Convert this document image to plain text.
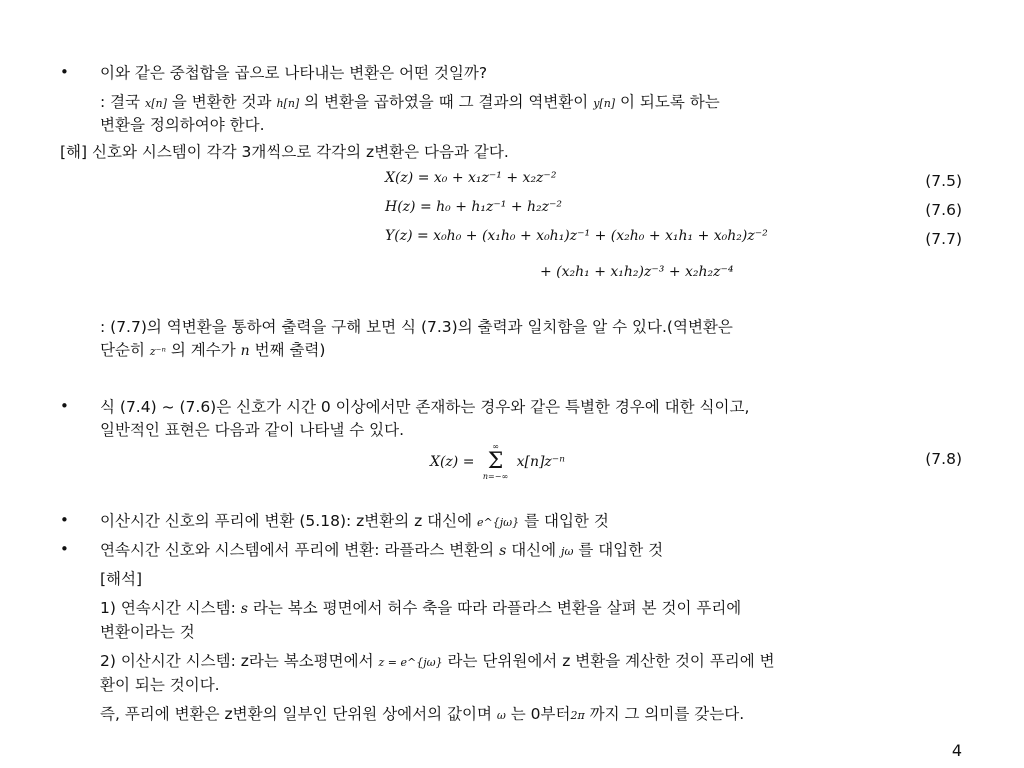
• 이와 같은 중첩합을 곱으로 나타내는 변환은 어떤 것일까?
: 결국 x[n] 을 변환한 것과 h[n] 의 변환을 곱하였을 때 그 결과의 역변환이 y[n] 이 되도록 하는
변환을 정의하여야 한다.
[해] 신호와 시스템이 각각 3개씩으로 각각의 z변환은 다음과 같다.
X(z) = x₀ + x₁z⁻¹ + x₂z⁻²	(7.5)
H(z) = h₀ + h₁z⁻¹ + h₂z⁻²	(7.6)
Y(z) = x₀h₀ + (x₁h₀ + x₀h₁)z⁻¹ + (x₂h₀ + x₁h₁ + x₀h₂)z⁻²	(7.7)
+ (x₂h₁ + x₁h₂)z⁻³ + x₂h₂z⁻⁴
: (7.7)의 역변환을 통하여 출력을 구해 보면 식 (7.3)의 출력과 일치함을 알 수 있다.(역변환은
단순히 z⁻ⁿ 의 계수가 n 번째 출력)
• 식 (7.4) ~ (7.6)은 신호가 시간 0 이상에서만 존재하는 경우와 같은 특별한 경우에 대한 식이고,
일반적인 표현은 다음과 같이 나타낼 수 있다.
X(z) =
∞
Σ
n=−∞
x[n]z⁻ⁿ	(7.8)
• 이산시간 신호의 푸리에 변환 (5.18): z변환의 z 대신에 e^{jω} 를 대입한 것
• 연속시간 신호와 시스템에서 푸리에 변환: 라플라스 변환의 s 대신에 jω 를 대입한 것
[해석]
1) 연속시간 시스템: s 라는 복소 평면에서 허수 축을 따라 라플라스 변환을 살펴 본 것이 푸리에
변환이라는 것
2) 이산시간 시스템: z라는 복소평면에서 z = e^{jω} 라는 단위원에서 z 변환을 계산한 것이 푸리에 변
환이 되는 것이다.
즉, 푸리에 변환은 z변환의 일부인 단위원 상에서의 값이며 ω 는 0부터2π 까지 그 의미를 갖는다.
4
